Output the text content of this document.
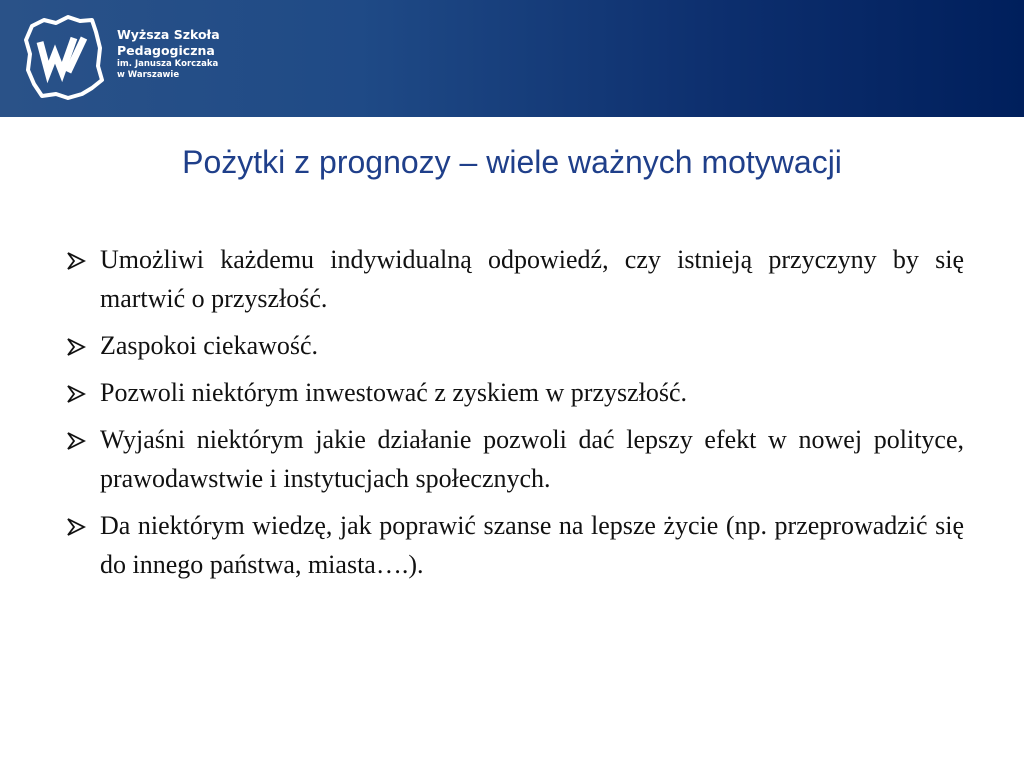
Wyższa Szkoła
Pedagogiczna
im. Janusza Korczaka
w Warszawie
Pożytki z prognozy – wiele ważnych motywacji
Umożliwi każdemu indywidualną odpowiedź, czy istnieją przyczyny by się martwić o przyszłość.
Zaspokoi ciekawość.
Pozwoli niektórym inwestować z zyskiem w przyszłość.
Wyjaśni niektórym jakie działanie pozwoli dać lepszy efekt w nowej polityce, prawodawstwie i instytucjach społecznych.
Da niektórym wiedzę, jak poprawić szanse na lepsze życie (np. przeprowadzić się do innego państwa, miasta….).
